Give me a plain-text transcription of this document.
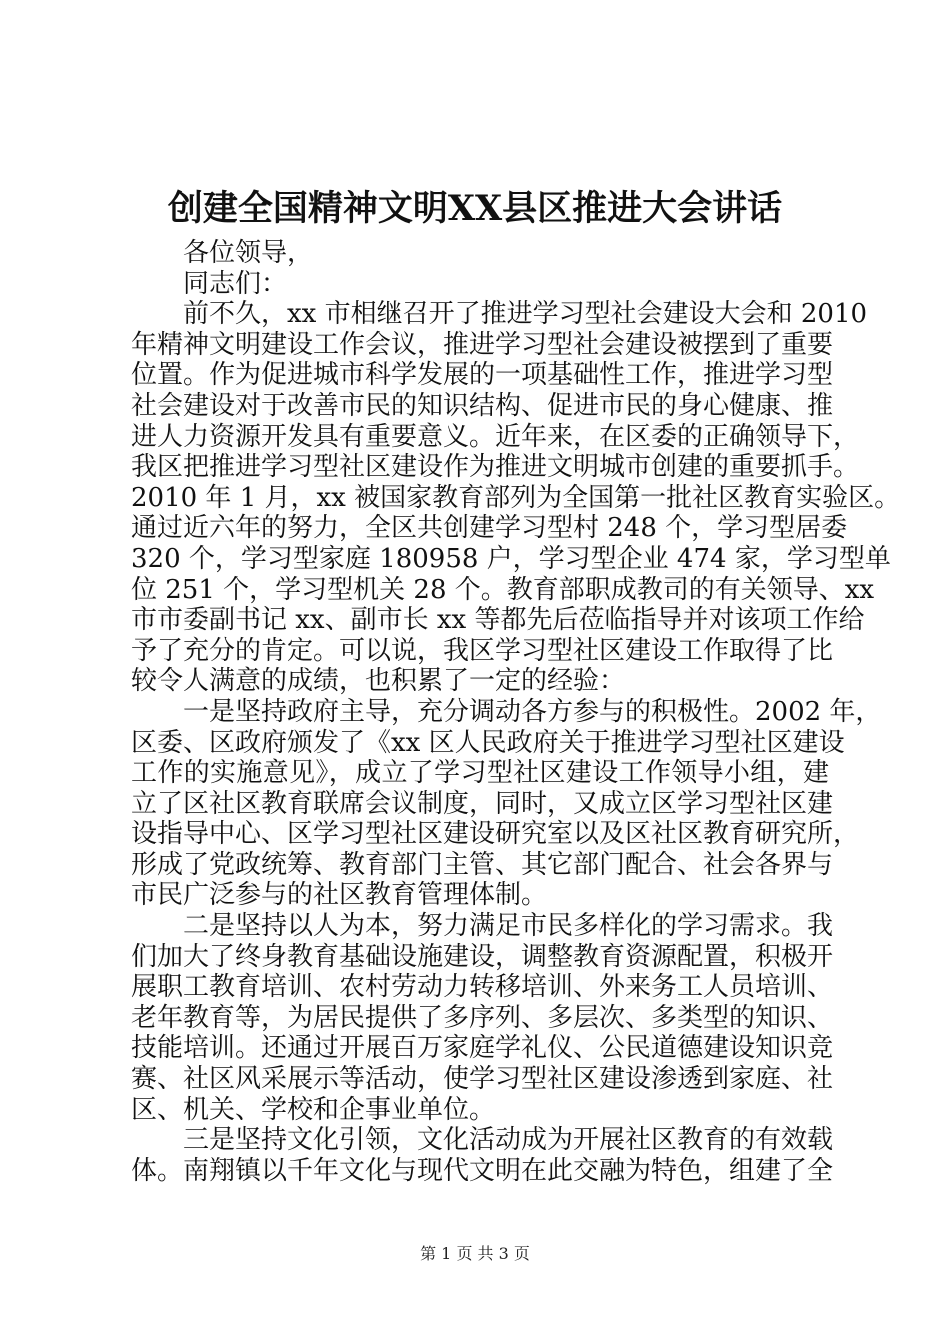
创建全国精神文明XX县区推进大会讲话
各位领导，
同志们：
前不久，xx 市相继召开了推进学习型社会建设大会和 2010
年精神文明建设工作会议，推进学习型社会建设被摆到了重要
位置。作为促进城市科学发展的一项基础性工作，推进学习型
社会建设对于改善市民的知识结构、促进市民的身心健康、推
进人力资源开发具有重要意义。近年来，在区委的正确领导下，
我区把推进学习型社区建设作为推进文明城市创建的重要抓手。
2010 年 1 月，xx 被国家教育部列为全国第一批社区教育实验区。
通过近六年的努力，全区共创建学习型村 248 个，学习型居委
320 个，学习型家庭 180958 户，学习型企业 474 家，学习型单
位 251 个，学习型机关 28 个。教育部职成教司的有关领导、xx
市市委副书记 xx、副市长 xx 等都先后莅临指导并对该项工作给
予了充分的肯定。可以说，我区学习型社区建设工作取得了比
较令人满意的成绩，也积累了一定的经验：
一是坚持政府主导，充分调动各方参与的积极性。2002 年，
区委、区政府颁发了《xx 区人民政府关于推进学习型社区建设
工作的实施意见》，成立了学习型社区建设工作领导小组，建
立了区社区教育联席会议制度，同时，又成立区学习型社区建
设指导中心、区学习型社区建设研究室以及区社区教育研究所，
形成了党政统筹、教育部门主管、其它部门配合、社会各界与
市民广泛参与的社区教育管理体制。
二是坚持以人为本，努力满足市民多样化的学习需求。我
们加大了终身教育基础设施建设，调整教育资源配置，积极开
展职工教育培训、农村劳动力转移培训、外来务工人员培训、
老年教育等，为居民提供了多序列、多层次、多类型的知识、
技能培训。还通过开展百万家庭学礼仪、公民道德建设知识竞
赛、社区风采展示等活动，使学习型社区建设渗透到家庭、社
区、机关、学校和企事业单位。
三是坚持文化引领，文化活动成为开展社区教育的有效载
体。南翔镇以千年文化与现代文明在此交融为特色，组建了全
第 1 页 共 3 页
